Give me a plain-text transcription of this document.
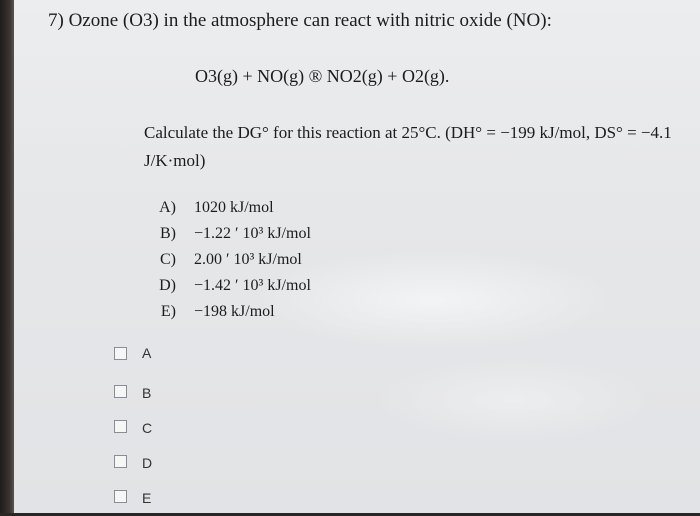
7) Ozone (O3) in the atmosphere can react with nitric oxide (NO):
O3(g) + NO(g) ® NO2(g) + O2(g).
Calculate the DG° for this reaction at 25°C. (DH° = −199 kJ/mol, DS° = −4.1
J/K·mol)
A) 1020 kJ/mol
B) −1.22 ′ 10³ kJ/mol
C) 2.00 ′ 10³ kJ/mol
D) −1.42 ′ 10³ kJ/mol
E) −198 kJ/mol
A
B
C
D
E
